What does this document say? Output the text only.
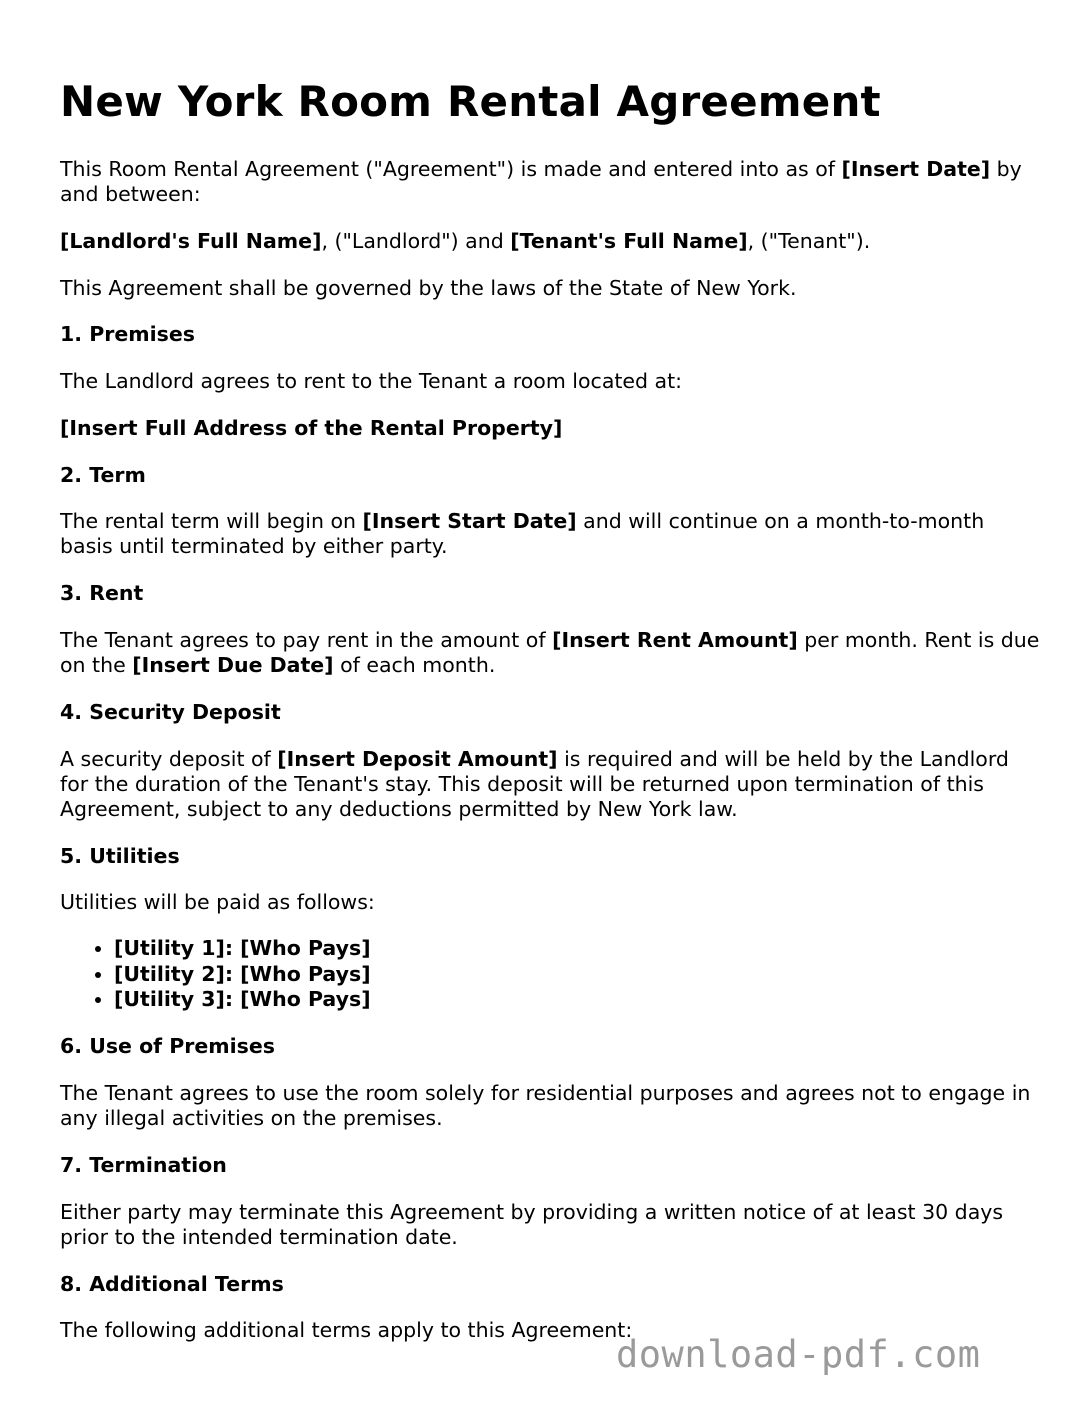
New York Room Rental Agreement

This Room Rental Agreement ("Agreement") is made and entered into as of [Insert Date] by and between:

[Landlord's Full Name], ("Landlord") and [Tenant's Full Name], ("Tenant").

This Agreement shall be governed by the laws of the State of New York.

1. Premises

The Landlord agrees to rent to the Tenant a room located at:

[Insert Full Address of the Rental Property]

2. Term

The rental term will begin on [Insert Start Date] and will continue on a month-to-month basis until terminated by either party.

3. Rent

The Tenant agrees to pay rent in the amount of [Insert Rent Amount] per month. Rent is due on the [Insert Due Date] of each month.

4. Security Deposit

A security deposit of [Insert Deposit Amount] is required and will be held by the Landlord for the duration of the Tenant's stay. This deposit will be returned upon termination of this Agreement, subject to any deductions permitted by New York law.

5. Utilities

Utilities will be paid as follows:

• [Utility 1]: [Who Pays]
• [Utility 2]: [Who Pays]
• [Utility 3]: [Who Pays]

6. Use of Premises

The Tenant agrees to use the room solely for residential purposes and agrees not to engage in any illegal activities on the premises.

7. Termination

Either party may terminate this Agreement by providing a written notice of at least 30 days prior to the intended termination date.

8. Additional Terms

The following additional terms apply to this Agreement:

download-pdf.com
